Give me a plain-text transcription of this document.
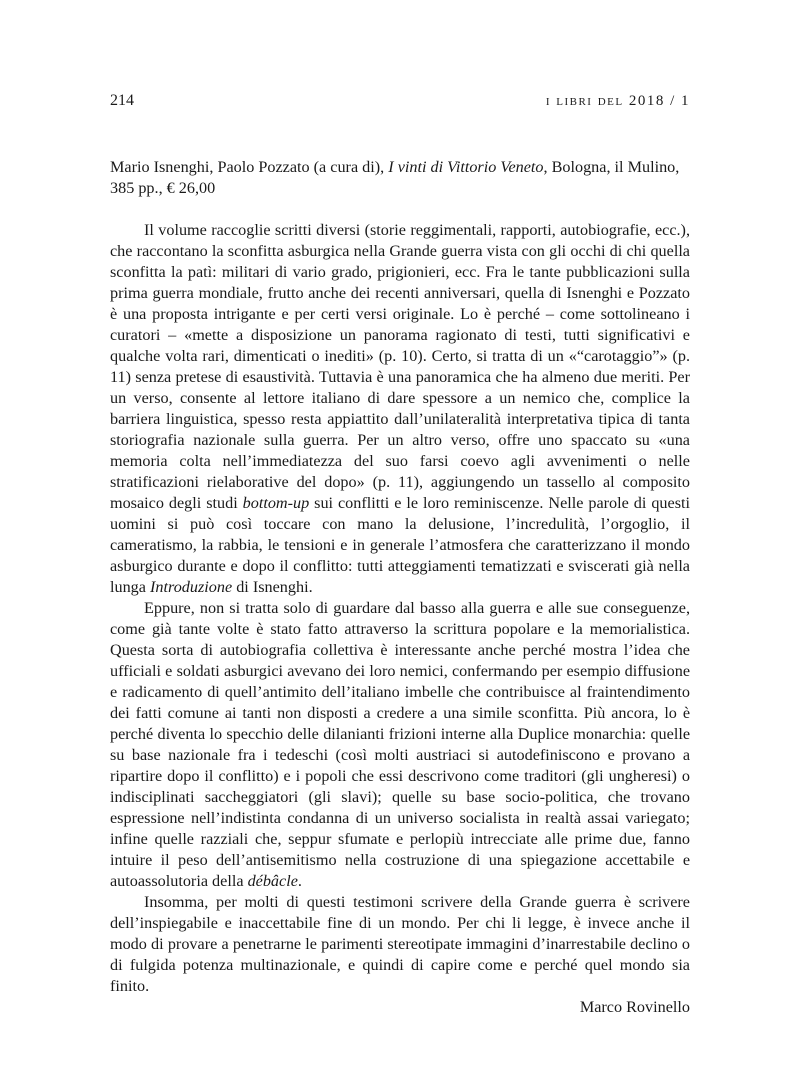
214	i libri del 2018 / 1
Mario Isnenghi, Paolo Pozzato (a cura di), I vinti di Vittorio Veneto, Bologna, il Mulino, 385 pp., € 26,00

Il volume raccoglie scritti diversi (storie reggimentali, rapporti, autobiografie, ecc.), che raccontano la sconfitta asburgica nella Grande guerra vista con gli occhi di chi quella sconfitta la patì: militari di vario grado, prigionieri, ecc. Fra le tante pubblicazioni sulla prima guerra mondiale, frutto anche dei recenti anniversari, quella di Isnenghi e Pozzato è una proposta intrigante e per certi versi originale. Lo è perché – come sottolineano i curatori – «mette a disposizione un panorama ragionato di testi, tutti significativi e qualche volta rari, dimenticati o inediti» (p. 10). Certo, si tratta di un «“carotaggio”» (p. 11) senza pretese di esaustività. Tuttavia è una panoramica che ha almeno due meriti. Per un verso, consente al lettore italiano di dare spessore a un nemico che, complice la barriera linguistica, spesso resta appiattito dall’unilateralità interpretativa tipica di tanta storiografia nazionale sulla guerra. Per un altro verso, offre uno spaccato su «una memoria colta nell’immediatezza del suo farsi coevo agli avvenimenti o nelle stratificazioni rielaborative del dopo» (p. 11), aggiungendo un tassello al composito mosaico degli studi bottom-up sui conflitti e le loro reminiscenze. Nelle parole di questi uomini si può così toccare con mano la delusione, l’incredulità, l’orgoglio, il cameratismo, la rabbia, le tensioni e in generale l’atmosfera che caratterizzano il mondo asburgico durante e dopo il conflitto: tutti atteggiamenti tematizzati e sviscerati già nella lunga Introduzione di Isnenghi.

Eppure, non si tratta solo di guardare dal basso alla guerra e alle sue conseguenze, come già tante volte è stato fatto attraverso la scrittura popolare e la memorialistica. Questa sorta di autobiografia collettiva è interessante anche perché mostra l’idea che ufficiali e soldati asburgici avevano dei loro nemici, confermando per esempio diffusione e radicamento di quell’antimito dell’italiano imbelle che contribuisce al fraintendimento dei fatti comune ai tanti non disposti a credere a una simile sconfitta. Più ancora, lo è perché diventa lo specchio delle dilanianti frizioni interne alla Duplice monarchia: quelle su base nazionale fra i tedeschi (così molti austriaci si autodefiniscono e provano a ripartire dopo il conflitto) e i popoli che essi descrivono come traditori (gli ungheresi) o indisciplinati saccheggiatori (gli slavi); quelle su base socio-politica, che trovano espressione nell’indistinta condanna di un universo socialista in realtà assai variegato; infine quelle razziali che, seppur sfumate e perlopiù intrecciate alle prime due, fanno intuire il peso dell’antisemitismo nella costruzione di una spiegazione accettabile e autoassolutoria della débâcle.

Insomma, per molti di questi testimoni scrivere della Grande guerra è scrivere dell’inspiegabile e inaccettabile fine di un mondo. Per chi li legge, è invece anche il modo di provare a penetrarne le parimenti stereotipate immagini d’inarrestabile declino o di fulgida potenza multinazionale, e quindi di capire come e perché quel mondo sia finito.

Marco Rovinello
